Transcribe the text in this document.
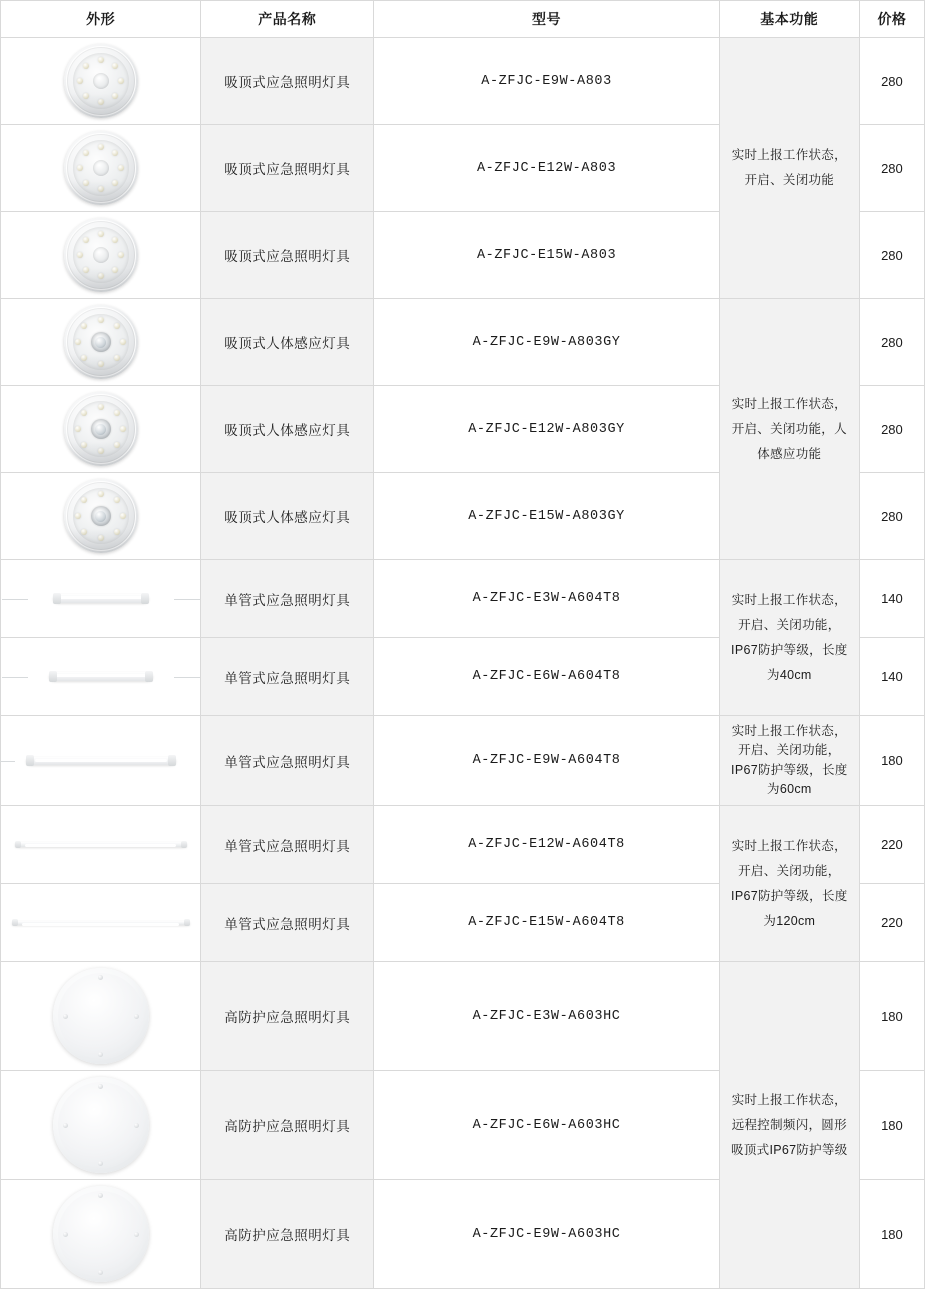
外形	产品名称	型号	基本功能	价格

	吸顶式应急照明灯具	A-ZFJC-E9W-A803	实时上报工作状态，开启、关闭功能	280

	吸顶式应急照明灯具	A-ZFJC-E12W-A803		280

	吸顶式应急照明灯具	A-ZFJC-E15W-A803		280

	吸顶式人体感应灯具	A-ZFJC-E9W-A803GY	实时上报工作状态，开启、关闭功能，人体感应功能	280

	吸顶式人体感应灯具	A-ZFJC-E12W-A803GY		280

	吸顶式人体感应灯具	A-ZFJC-E15W-A803GY		280

	单管式应急照明灯具	A-ZFJC-E3W-A604T8	实时上报工作状态，开启、关闭功能，IP67防护等级，长度为40cm	140

	单管式应急照明灯具	A-ZFJC-E6W-A604T8		140

	单管式应急照明灯具	A-ZFJC-E9W-A604T8	实时上报工作状态，开启、关闭功能，IP67防护等级，长度为60cm	180

	单管式应急照明灯具	A-ZFJC-E12W-A604T8	实时上报工作状态，开启、关闭功能，IP67防护等级，长度为120cm	220

	单管式应急照明灯具	A-ZFJC-E15W-A604T8		220

	高防护应急照明灯具	A-ZFJC-E3W-A603HC	实时上报工作状态，远程控制频闪，圆形吸顶式IP67防护等级	180

	高防护应急照明灯具	A-ZFJC-E6W-A603HC		180

	高防护应急照明灯具	A-ZFJC-E9W-A603HC		180
